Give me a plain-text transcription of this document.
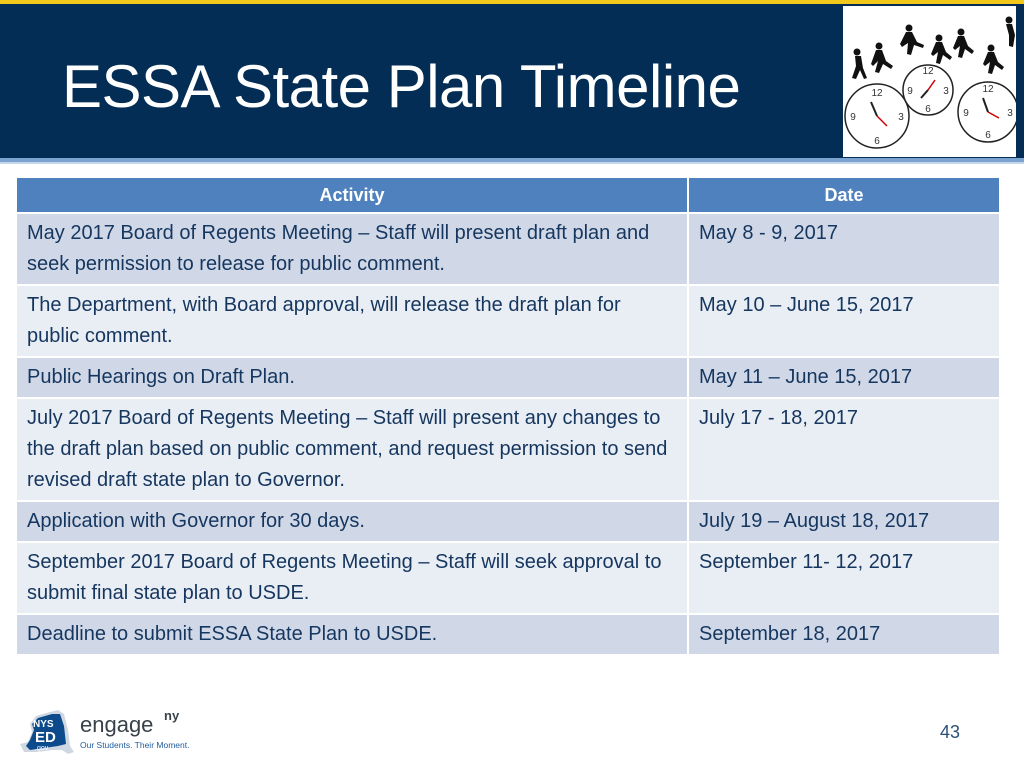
ESSA State Plan Timeline	12
3
6
9
12
3
6
9	12
3
6
9
Activity	Date
May 2017 Board of Regents Meeting – Staff will present draft plan and seek permission to release for public comment.	May 8 - 9, 2017
The Department, with Board approval, will release the draft plan for public comment.	May 10 – June 15, 2017
Public Hearings on Draft Plan.	May 11 – June 15, 2017
July 2017 Board of Regents Meeting – Staff will present any changes to the draft plan based on public comment, and request permission to send revised draft state plan to Governor.	July 17 - 18, 2017
Application with Governor for 30 days.	July 19 – August 18, 2017
September 2017 Board of Regents Meeting – Staff will seek approval to submit final state plan to USDE.	September 11- 12, 2017
Deadline to submit ESSA State Plan to USDE.	September 18, 2017
NYS
ED
.gov
engage ny
Our Students. Their Moment.
43
